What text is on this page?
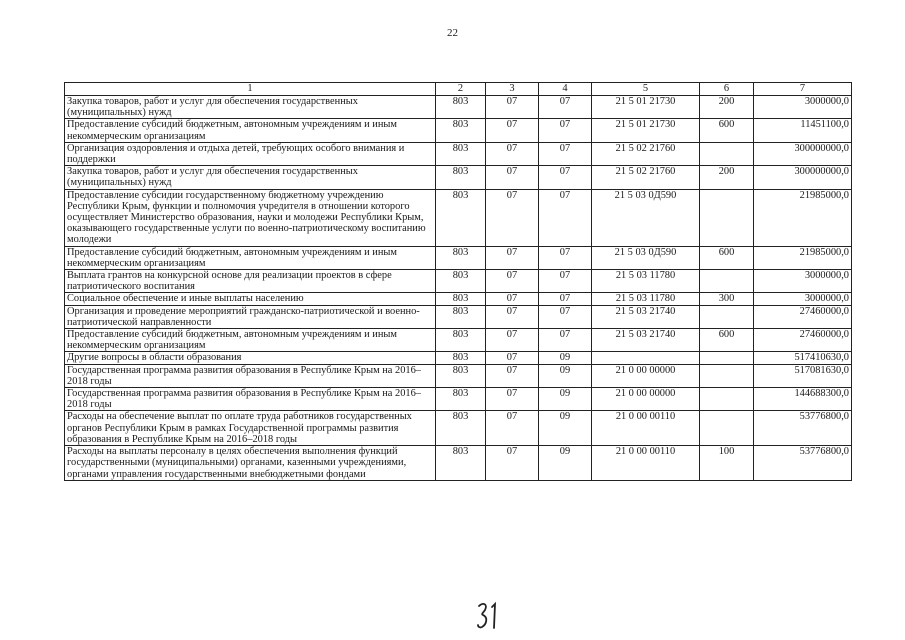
22
1	2	3	4	5	6	7
Закупка товаров, работ и услуг для обеспечения государственных (муниципальных) нужд	803	07	07	21 5 01 21730	200	3000000,0
Предоставление субсидий бюджетным, автономным учреждениям и иным некоммерческим организациям	803	07	07	21 5 01 21730	600	11451100,0
Организация оздоровления и отдыха детей, требующих особого внимания и поддержки	803	07	07	21 5 02 21760		300000000,0
Закупка товаров, работ и услуг для обеспечения государственных (муниципальных) нужд	803	07	07	21 5 02 21760	200	300000000,0
Предоставление субсидии государственному бюджетному учреждению Республики Крым, функции и полномочия учредителя в отношении которого осуществляет Министерство образования, науки и молодежи Республики Крым, оказывающего государственные услуги по военно-патриотическому воспитанию молодежи	803	07	07	21 5 03 0Д590		21985000,0
Предоставление субсидий бюджетным, автономным учреждениям и иным некоммерческим организациям	803	07	07	21 5 03 0Д590	600	21985000,0
Выплата грантов на конкурсной основе для реализации проектов в сфере патриотического воспитания	803	07	07	21 5 03 11780		3000000,0
Социальное обеспечение и иные выплаты населению	803	07	07	21 5 03 11780	300	3000000,0
Организация и проведение мероприятий гражданско-патриотической и военно-патриотической направленности	803	07	07	21 5 03 21740		27460000,0
Предоставление субсидий бюджетным, автономным учреждениям и иным некоммерческим организациям	803	07	07	21 5 03 21740	600	27460000,0
Другие вопросы в области образования	803	07	09			517410630,0
Государственная программа развития образования в Республике Крым на 2016–2018 годы	803	07	09	21 0 00 00000		517081630,0
Государственная программа развития образования в Республике Крым на 2016–2018 годы	803	07	09	21 0 00 00000		144688300,0
Расходы на обеспечение выплат по оплате труда работников государственных органов Республики Крым в рамках Государственной программы развития образования в Республике Крым на 2016–2018 годы	803	07	09	21 0 00 00110		53776800,0
Расходы на выплаты персоналу в целях обеспечения выполнения функций государственными (муниципальными) органами, казенными учреждениями, органами управления государственными внебюджетными фондами	803	07	09	21 0 00 00110	100	53776800,0
